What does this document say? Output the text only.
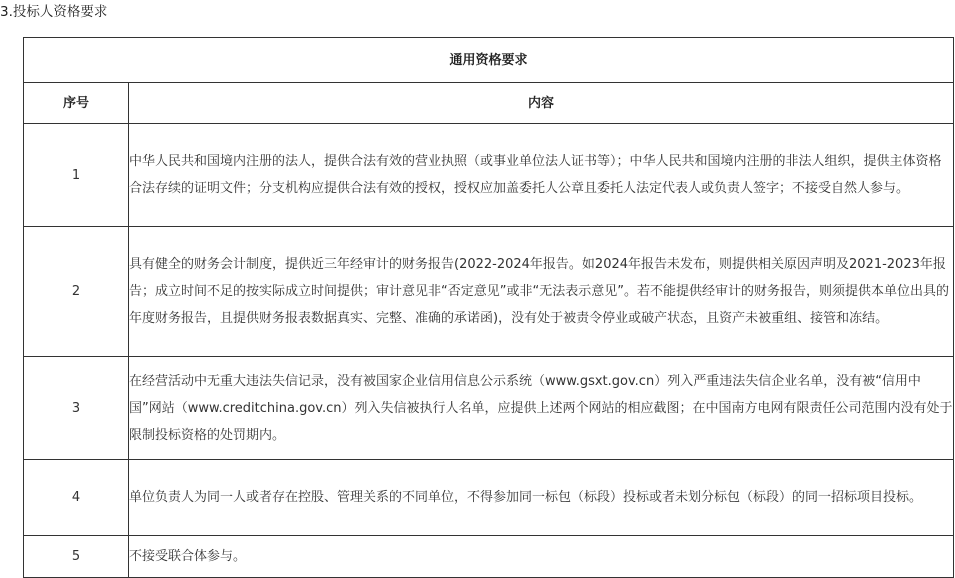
3.投标人资格要求
通用资格要求	
序号	内容
1	中华人民共和国境内注册的法人，提供合法有效的营业执照（或事业单位法人证书等）；中华人民共和国境内注册的非法人组织，提供主体资格合法存续的证明文件；分支机构应提供合法有效的授权，授权应加盖委托人公章且委托人法定代表人或负责人签字；不接受自然人参与。
2	具有健全的财务会计制度，提供近三年经审计的财务报告(2022-2024年报告。如2024年报告未发布，则提供相关原因声明及2021-2023年报告；成立时间不足的按实际成立时间提供；审计意见非“否定意见”或非“无法表示意见”。若不能提供经审计的财务报告，则须提供本单位出具的年度财务报告，且提供财务报表数据真实、完整、准确的承诺函)，没有处于被责令停业或破产状态，且资产未被重组、接管和冻结。
3	在经营活动中无重大违法失信记录，没有被国家企业信用信息公示系统（www.gsxt.gov.cn）列入严重违法失信企业名单，没有被“信用中国”网站（www.creditchina.gov.cn）列入失信被执行人名单，应提供上述两个网站的相应截图；在中国南方电网有限责任公司范围内没有处于限制投标资格的处罚期内。
4	单位负责人为同一人或者存在控股、管理关系的不同单位，不得参加同一标包（标段）投标或者未划分标包（标段）的同一招标项目投标。
5	不接受联合体参与。
